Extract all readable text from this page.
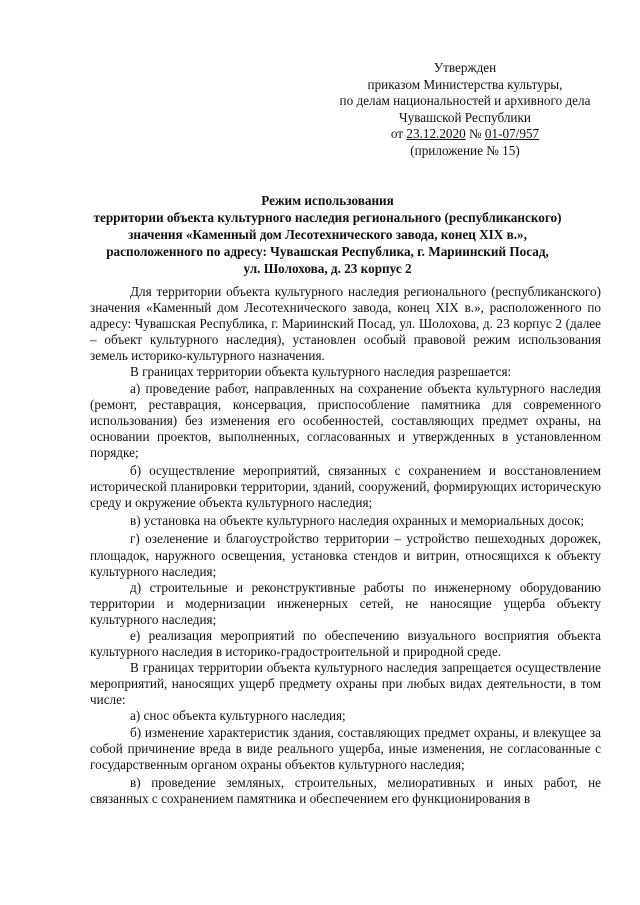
Утвержден
приказом Министерства культуры,
по делам национальностей и архивного дела
Чувашской Республики
от 23.12.2020 № 01-07/957
(приложение № 15)
Режим использования
территории объекта культурного наследия регионального (республиканского)
значения «Каменный дом Лесотехнического завода, конец XIX в.»,
расположенного по адресу: Чувашская Республика, г. Мариинский Посад,
ул. Шолохова, д. 23 корпус 2

Для территории объекта культурного наследия регионального (республиканского) значения «Каменный дом Лесотехнического завода, конец XIX в.», расположенного по адресу: Чувашская Республика, г. Мариинский Посад, ул. Шолохова, д. 23 корпус 2 (далее – объект культурного наследия), установлен особый правовой режим использования земель историко-культурного назначения.

В границах территории объекта культурного наследия разрешается:

а) проведение работ, направленных на сохранение объекта культурного наследия (ремонт, реставрация, консервация, приспособление памятника для современного использования) без изменения его особенностей, составляющих предмет охраны, на основании проектов, выполненных, согласованных и утвержденных в установленном порядке;

б) осуществление мероприятий, связанных с сохранением и восстановлением исторической планировки территории, зданий, сооружений, формирующих историческую среду и окружение объекта культурного наследия;

в) установка на объекте культурного наследия охранных и мемориальных досок;

г) озеленение и благоустройство территории – устройство пешеходных дорожек, площадок, наружного освещения, установка стендов и витрин, относящихся к объекту культурного наследия;

д) строительные и реконструктивные работы по инженерному оборудованию территории и модернизации инженерных сетей, не наносящие ущерба объекту культурного наследия;

е) реализация мероприятий по обеспечению визуального восприятия объекта культурного наследия в историко-градостроительной и природной среде.

В границах территории объекта культурного наследия запрещается осуществление мероприятий, наносящих ущерб предмету охраны при любых видах деятельности, в том числе:

а) снос объекта культурного наследия;

б) изменение характеристик здания, составляющих предмет охраны, и влекущее за собой причинение вреда в виде реального ущерба, иные изменения, не согласованные с государственным органом охраны объектов культурного наследия;

в) проведение земляных, строительных, мелиоративных и иных работ, не связанных с сохранением памятника и обеспечением его функционирования в
